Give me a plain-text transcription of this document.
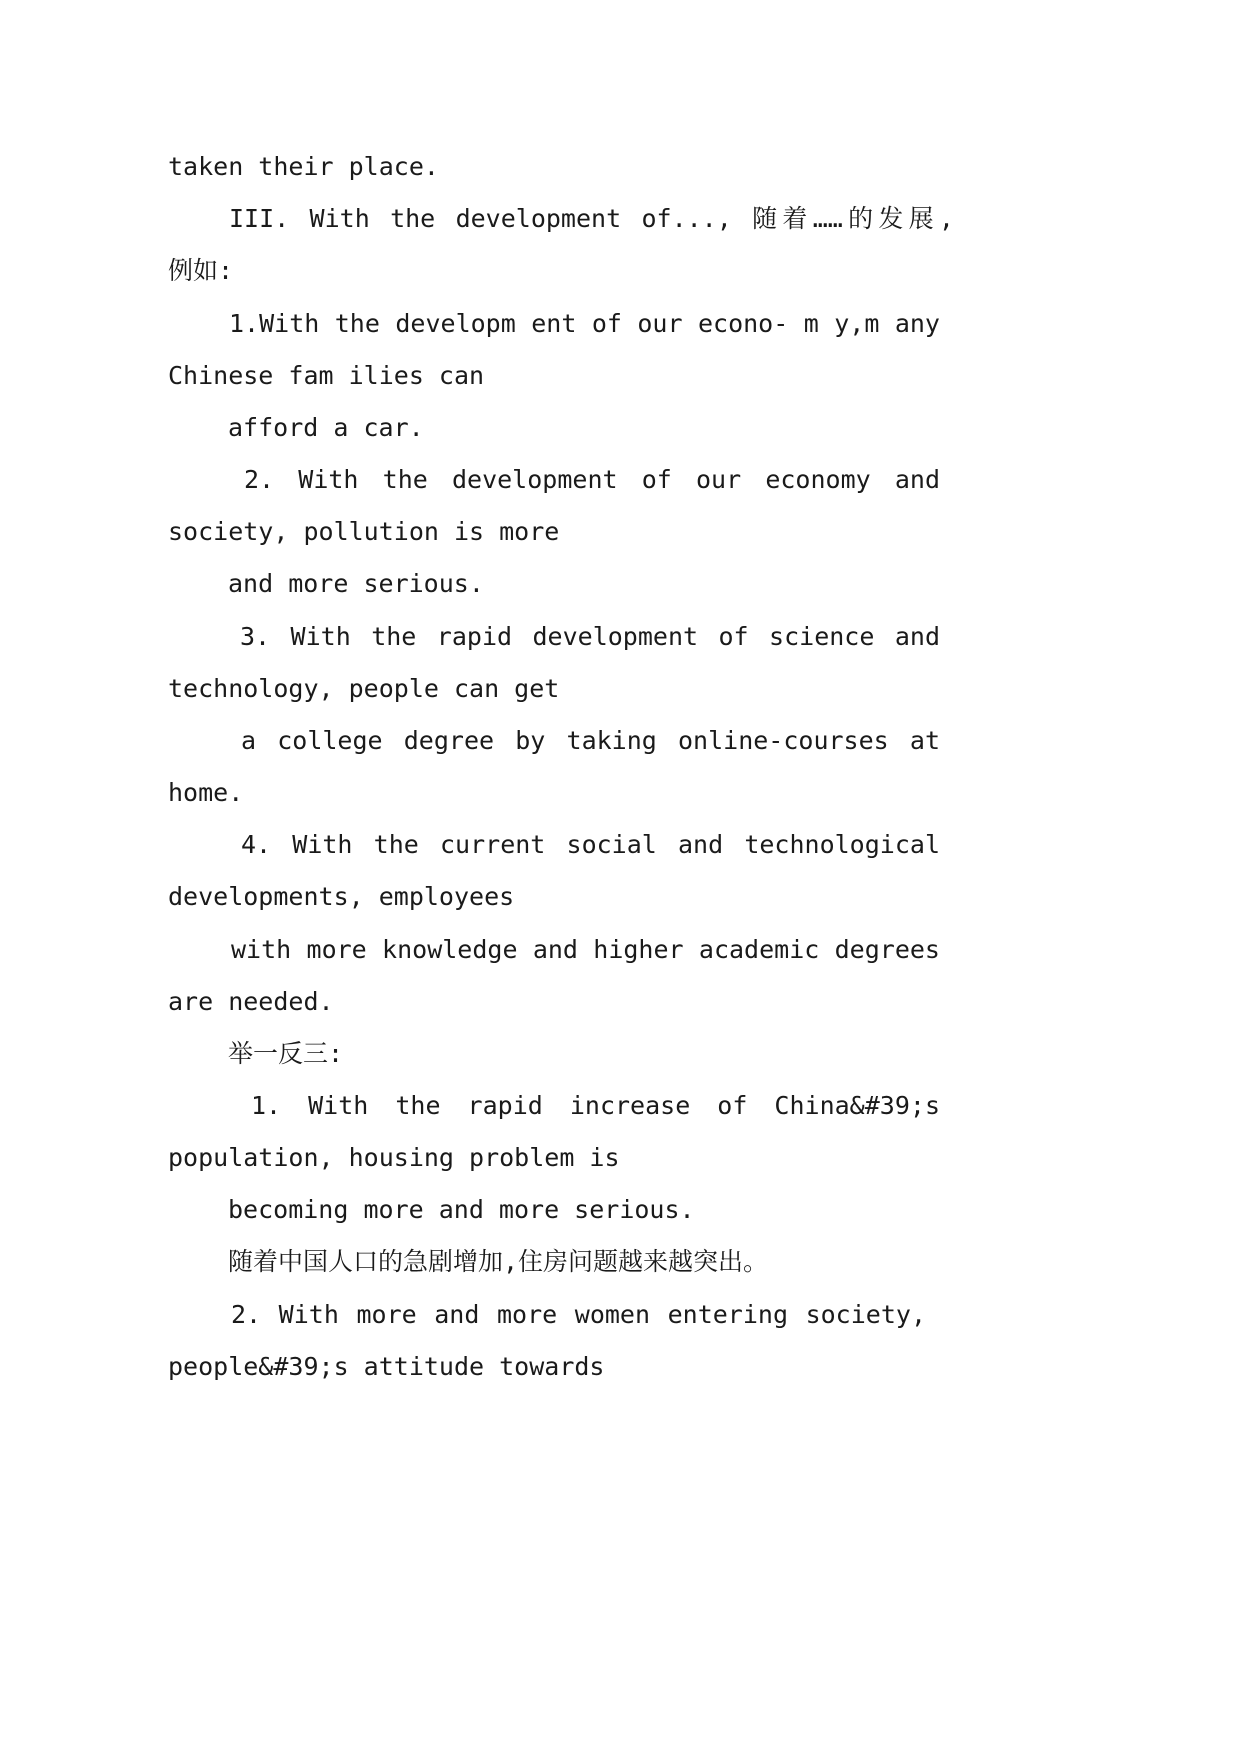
taken their place.

III. With the development of..., 随着……的发展,

例如:

1.With the developm ent of our econo- m y,m any

Chinese fam ilies can

afford a car.

2. With the development of our economy and

society, pollution is more

and more serious.

3. With the rapid development of science and

technology, people can get

a college degree by taking online-courses at

home.

4. With the current social and technological

developments, employees

with more knowledge and higher academic degrees

are needed.

举一反三:

1. With the rapid increase of China&#39;s

population, housing problem is

becoming more and more serious.

随着中国人口的急剧增加,住房问题越来越突出。

2. With more and more women entering society,

people&#39;s attitude towards
